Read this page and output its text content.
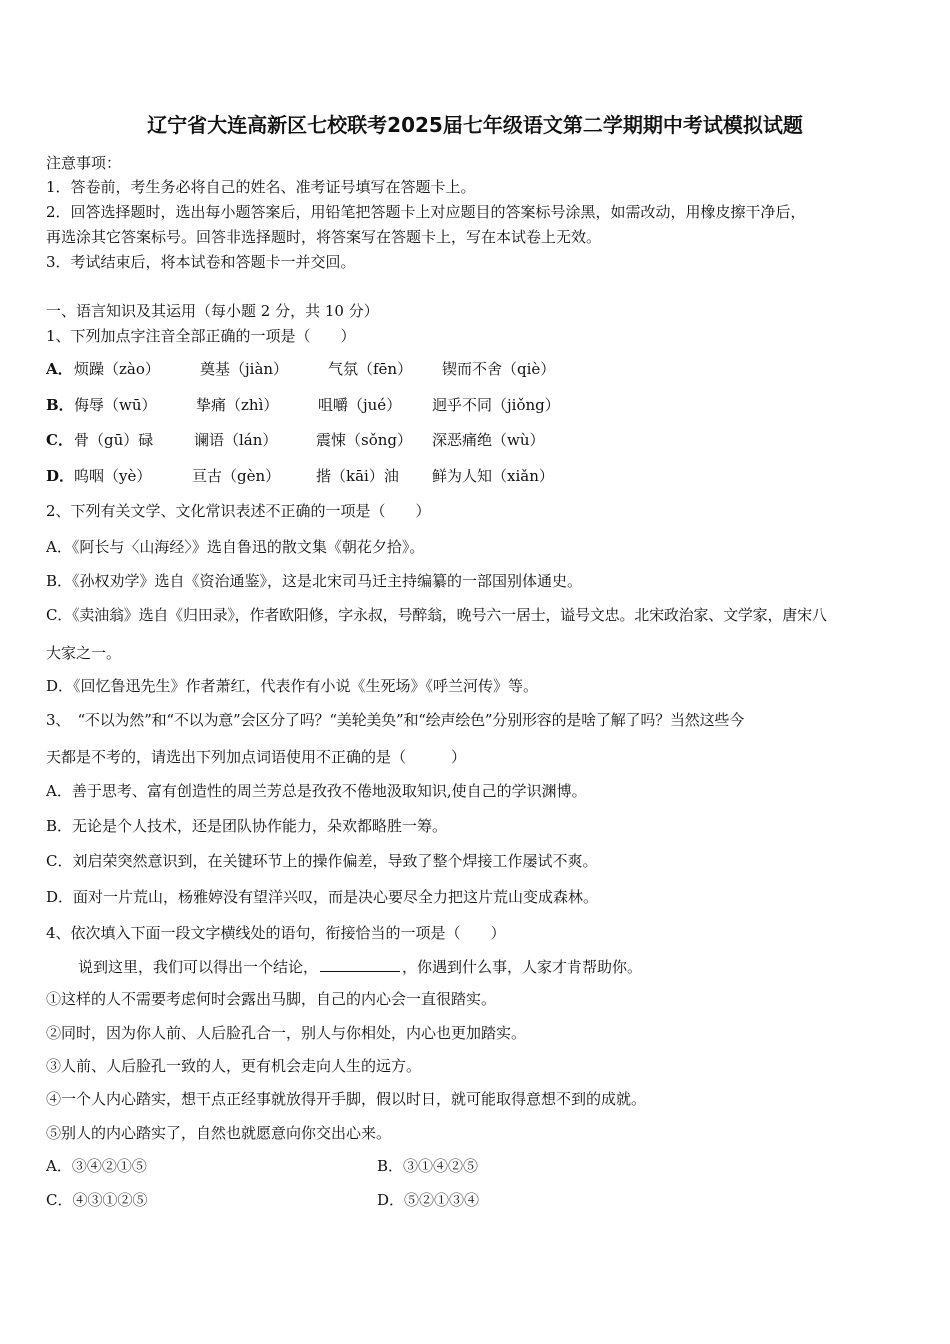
辽宁省大连高新区七校联考2025届七年级语文第二学期期中考试模拟试题
注意事项：
1．答卷前，考生务必将自己的姓名、准考证号填写在答题卡上。
2．回答选择题时，选出每小题答案后，用铅笔把答题卡上对应题目的答案标号涂黑，如需改动，用橡皮擦干净后，
再选涂其它答案标号。回答非选择题时，将答案写在答题卡上，写在本试卷上无效。
3．考试结束后，将本试卷和答题卡一并交回。
一、语言知识及其运用（每小题 2 分，共 10 分）
1、下列加点字注音全部正确的一项是（　　）
A．烦躁（zào）	奠基（jiàn）	气氛（fēn） 锲而不舍（qiè）
B．侮辱（wū）	挚痛（zhì）	咀嚼（jué） 迥乎不同（jiǒng）
C．骨（gū）碌	谰语（lán）	震悚（sǒng） 深恶痛绝（wù）
D．呜咽（yè）	亘古（gèn） 揩（kāi）油 鲜为人知（xiǎn）
2、下列有关文学、文化常识表述不正确的一项是（　　）
A．《阿长与〈山海经〉》选自鲁迅的散文集《朝花夕拾》。
B．《孙权劝学》选自《资治通鉴》，这是北宋司马迁主持编纂的一部国别体通史。
C．《卖油翁》选自《归田录》，作者欧阳修，字永叔，号醉翁，晚号六一居士，谥号文忠。北宋政治家、文学家，唐宋八
大家之一。
D．《回忆鲁迅先生》作者萧红，代表作有小说《生死场》《呼兰河传》等。
3、　“不以为然”和“不以为意”会区分了吗？“美轮美奂”和“绘声绘色”分别形容的是啥了解了吗？当然这些今
天都是不考的，请选出下列加点词语使用不正确的是（　　　）
A．善于思考、富有创造性的周兰芳总是孜孜不倦地汲取知识,使自己的学识渊博。
B．无论是个人技术，还是团队协作能力，朵欢都略胜一筹。
C．刘启荣突然意识到，在关键环节上的操作偏差，导致了整个焊接工作屡试不爽。
D．面对一片荒山，杨雅婷没有望洋兴叹，而是决心要尽全力把这片荒山变成森林。
4、依次填入下面一段文字横线处的语句，衔接恰当的一项是（　　）
说到这里，我们可以得出一个结论，	，你遇到什么事，人家才肯帮助你。
①这样的人不需要考虑何时会露出马脚，自己的内心会一直很踏实。
②同时，因为你人前、人后脸孔合一，别人与你相处，内心也更加踏实。
③人前、人后脸孔一致的人，更有机会走向人生的远方。
④一个人内心踏实，想干点正经事就放得开手脚，假以时日，就可能取得意想不到的成就。
⑤别人的内心踏实了，自然也就愿意向你交出心来。
A．③④②①⑤	B．③①④②⑤
C．④③①②⑤	D．⑤②①③④
